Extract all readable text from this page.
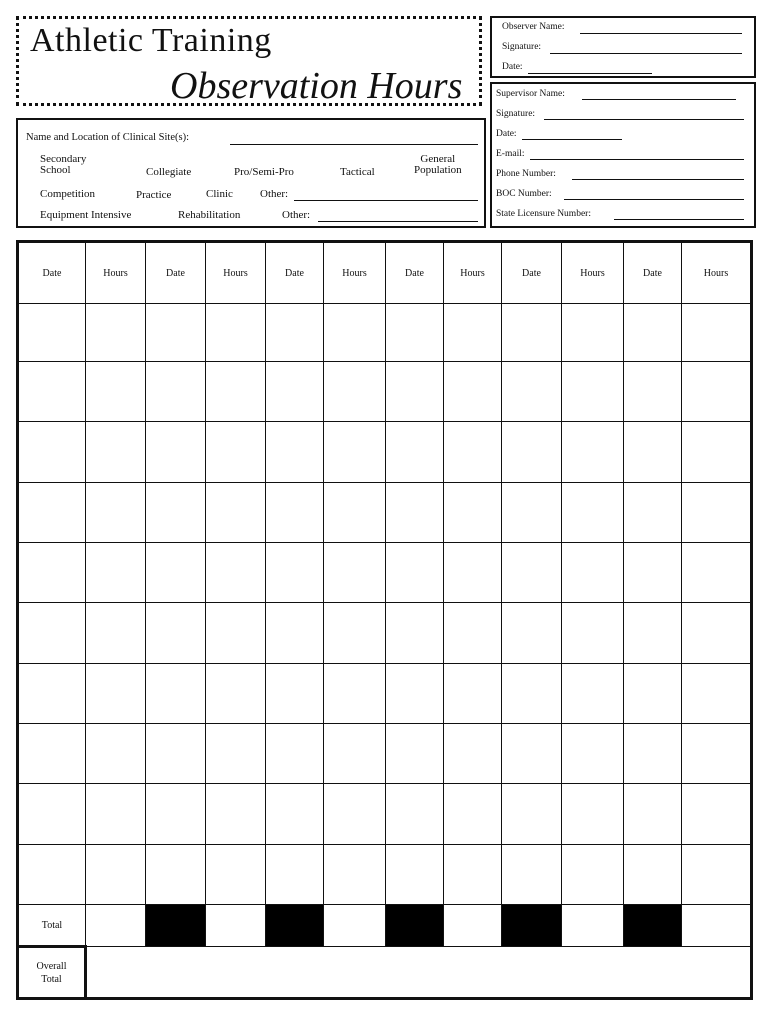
Athletic Training
Observation Hours
Observer Name:
Signature:
Date:
Supervisor Name:
Signature:
Date:
E-mail:
Phone Number:
BOC Number:
State Licensure Number:
Name and Location of Clinical Site(s):
Secondary
School	Collegiate	Pro/Semi-Pro	Tactical
General
Population
Competition	Practice	Clinic Other:
Equipment Intensive	Rehabilitation	Other:
Date	Hours	Date	Hours	Date	Hours	Date	Hours	Date	Hours	Date	Hours

Total											
Overall
Total											
